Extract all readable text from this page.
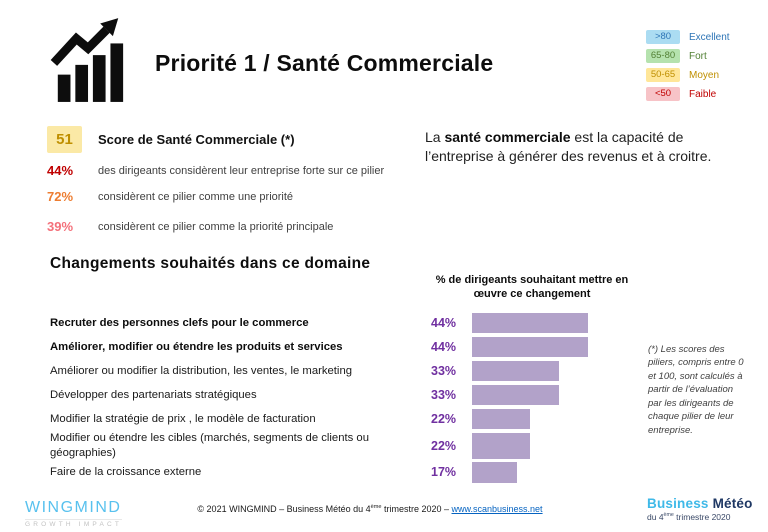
Priorité 1 / Santé Commerciale
>80	Excellent
65-80	Fort
50-65	Moyen
<50	Faible
51	Score de Santé Commerciale (*)
44%	des dirigeants considèrent leur entreprise forte sur ce pilier
72%	considèrent ce pilier comme une priorité
39%	considèrent ce pilier comme la priorité principale
La santé commerciale est la capacité de l’entreprise à générer des revenus et à croitre.
Changements souhaités dans ce domaine
% de dirigeants souhaitant mettre en œuvre ce changement
Recruter des personnes clefs pour le commerce	44%
Améliorer, modifier ou étendre les produits et services	44%
Améliorer ou modifier la distribution, les ventes, le marketing	33%
Développer des partenariats stratégiques	33%
Modifier la stratégie de prix , le modèle de facturation	22%
Modifier ou étendre les cibles (marchés, segments de clients ou géographies)	22%
Faire de la croissance externe	17%
(*) Les scores des piliers, compris entre 0 et 100, sont calculés à partir de l’évaluation par les dirigeants de chaque pilier de leur entreprise.
WINGMIND
GROWTH IMPACT
© 2021 WINGMIND – Business Météo du 4ème trimestre 2020 – www.scanbusiness.net	Business Météo
du 4ème trimestre 2020
